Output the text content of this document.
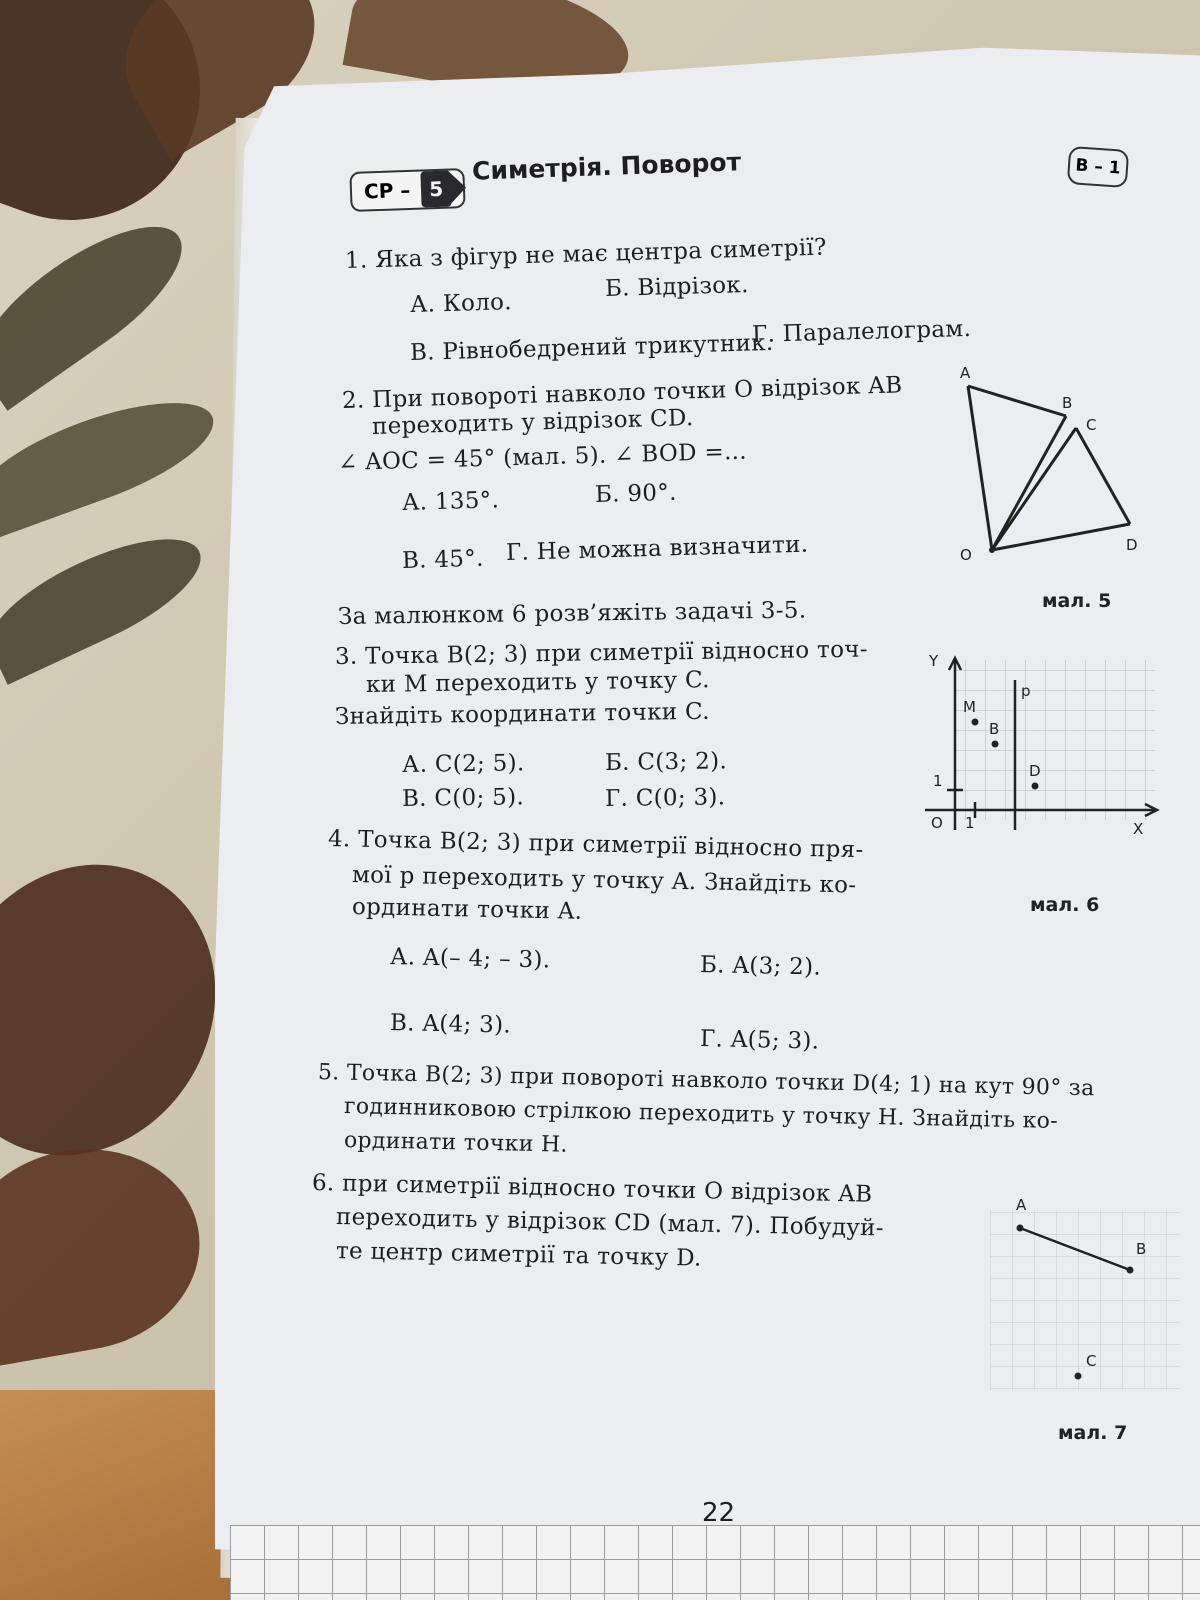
СР – 5
Симетрія. Поворот	В – 1
1. Яка з фігур не має центра симетрії?
А. Коло.
Б. Відрізок.
В. Рівнобедрений трикутник.
Г. Паралелограм.
2. При повороті навколо точки O відрізок AB
переходить у відрізок CD.
∠ AOC = 45° (мал. 5). ∠ BOD =...
А. 135°.	Б. 90°.
В. 45°. Г. Не можна визначити.
A
B
C
D
O
мал. 5
За малюнком 6 розв’яжіть задачі 3-5.
3. Точка B(2; 3) при симетрії відносно точ-
ки M переходить у точку C.
Знайдіть координати точки C.
А. C(2; 5).	Б. C(3; 2).
В. C(0; 5).	Г. C(0; 3).
Y
X
O 1
1
M
B
D
p
мал. 6
4. Точка B(2; 3) при симетрії відносно пря-
мої p переходить у точку A. Знайдіть ко-
ординати точки A.
А. A(– 4; – 3).	Б. A(3; 2).
В. A(4; 3).
Г. A(5; 3).
5. Точка B(2; 3) при повороті навколо точки D(4; 1) на кут 90° за
годинниковою стрілкою переходить у точку H. Знайдіть ко-
ординати точки H.
6. при симетрії відносно точки O відрізок AB
переходить у відрізок CD (мал. 7). Побудуй-
те центр симетрії та точку D.
A
B
C
мал. 7
22
